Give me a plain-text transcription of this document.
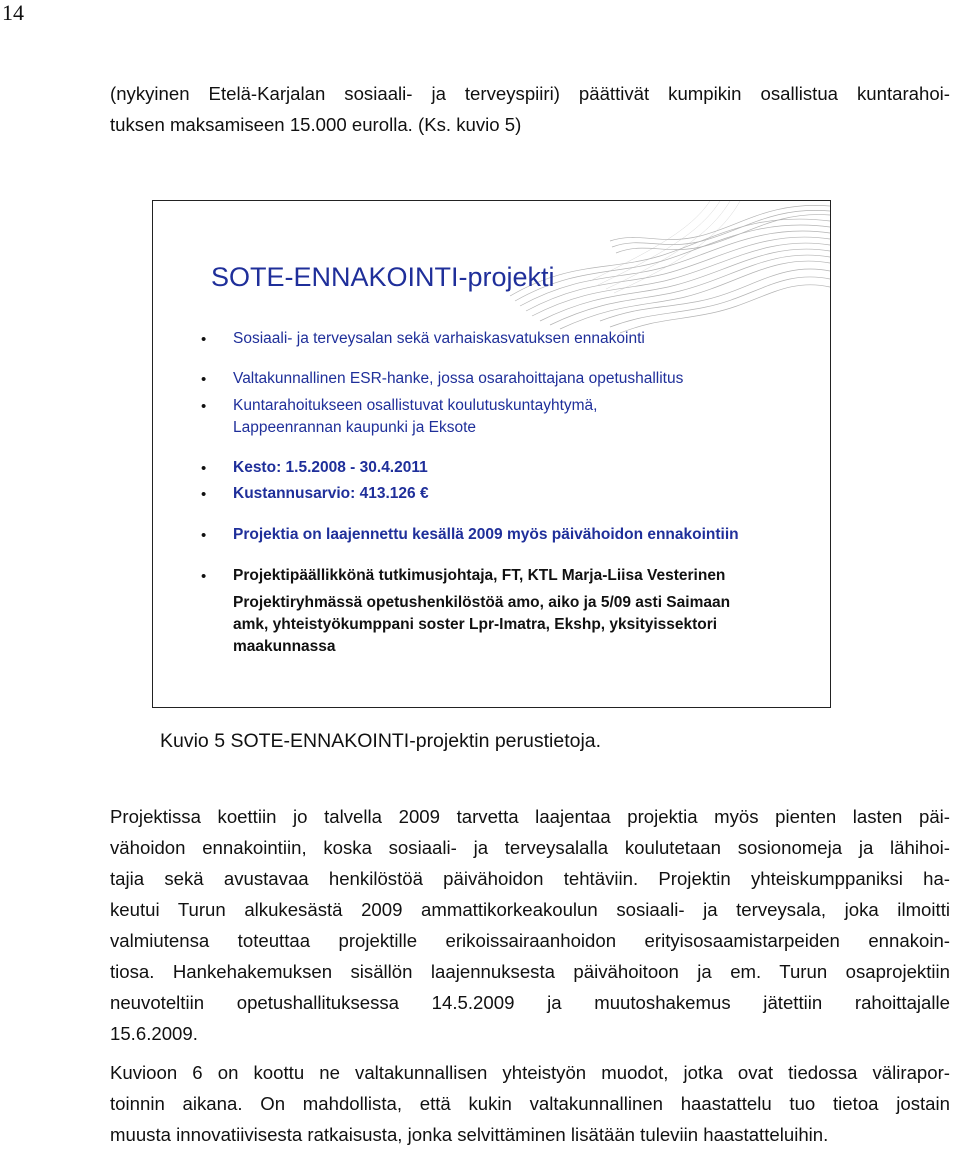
14
(nykyinen Etelä-Karjalan sosiaali- ja terveyspiiri) päättivät kumpikin osallistua kuntarahoi-
tuksen maksamiseen 15.000 eurolla. (Ks. kuvio 5)
SOTE-ENNAKOINTI-projekti
• Sosiaali- ja terveysalan sekä varhaiskasvatuksen ennakointi
• Valtakunnallinen ESR-hanke, jossa osarahoittajana opetushallitus
• Kuntarahoitukseen osallistuvat koulutuskuntayhtymä,
Lappeenrannan kaupunki ja Eksote
• Kesto: 1.5.2008 - 30.4.2011
• Kustannusarvio: 413.126 €
• Projektia on laajennettu kesällä 2009 myös päivähoidon ennakointiin
• Projektipäällikkönä tutkimusjohtaja, FT, KTL Marja-Liisa Vesterinen
Projektiryhmässä opetushenkilöstöä amo, aiko ja 5/09 asti Saimaan
amk, yhteistyökumppani soster Lpr-Imatra, Ekshp, yksityissektori
maakunnassa
Kuvio 5 SOTE-ENNAKOINTI-projektin perustietoja.
Projektissa koettiin jo talvella 2009 tarvetta laajentaa projektia myös pienten lasten päi-
vähoidon ennakointiin, koska sosiaali- ja terveysalalla koulutetaan sosionomeja ja lähihoi-
tajia sekä avustavaa henkilöstöä päivähoidon tehtäviin. Projektin yhteiskumppaniksi ha-
keutui Turun alkukesästä 2009 ammattikorkeakoulun sosiaali- ja terveysala, joka ilmoitti
valmiutensa toteuttaa projektille erikoissairaanhoidon erityisosaamistarpeiden ennakoin-
tiosa. Hankehakemuksen sisällön laajennuksesta päivähoitoon ja em. Turun osaprojektiin
neuvoteltiin opetushallituksessa 14.5.2009 ja muutoshakemus jätettiin rahoittajalle
15.6.2009.
Kuvioon 6 on koottu ne valtakunnallisen yhteistyön muodot, jotka ovat tiedossa välirapor-
toinnin aikana. On mahdollista, että kukin valtakunnallinen haastattelu tuo tietoa jostain
muusta innovatiivisesta ratkaisusta, jonka selvittäminen lisätään tuleviin haastatteluihin.
